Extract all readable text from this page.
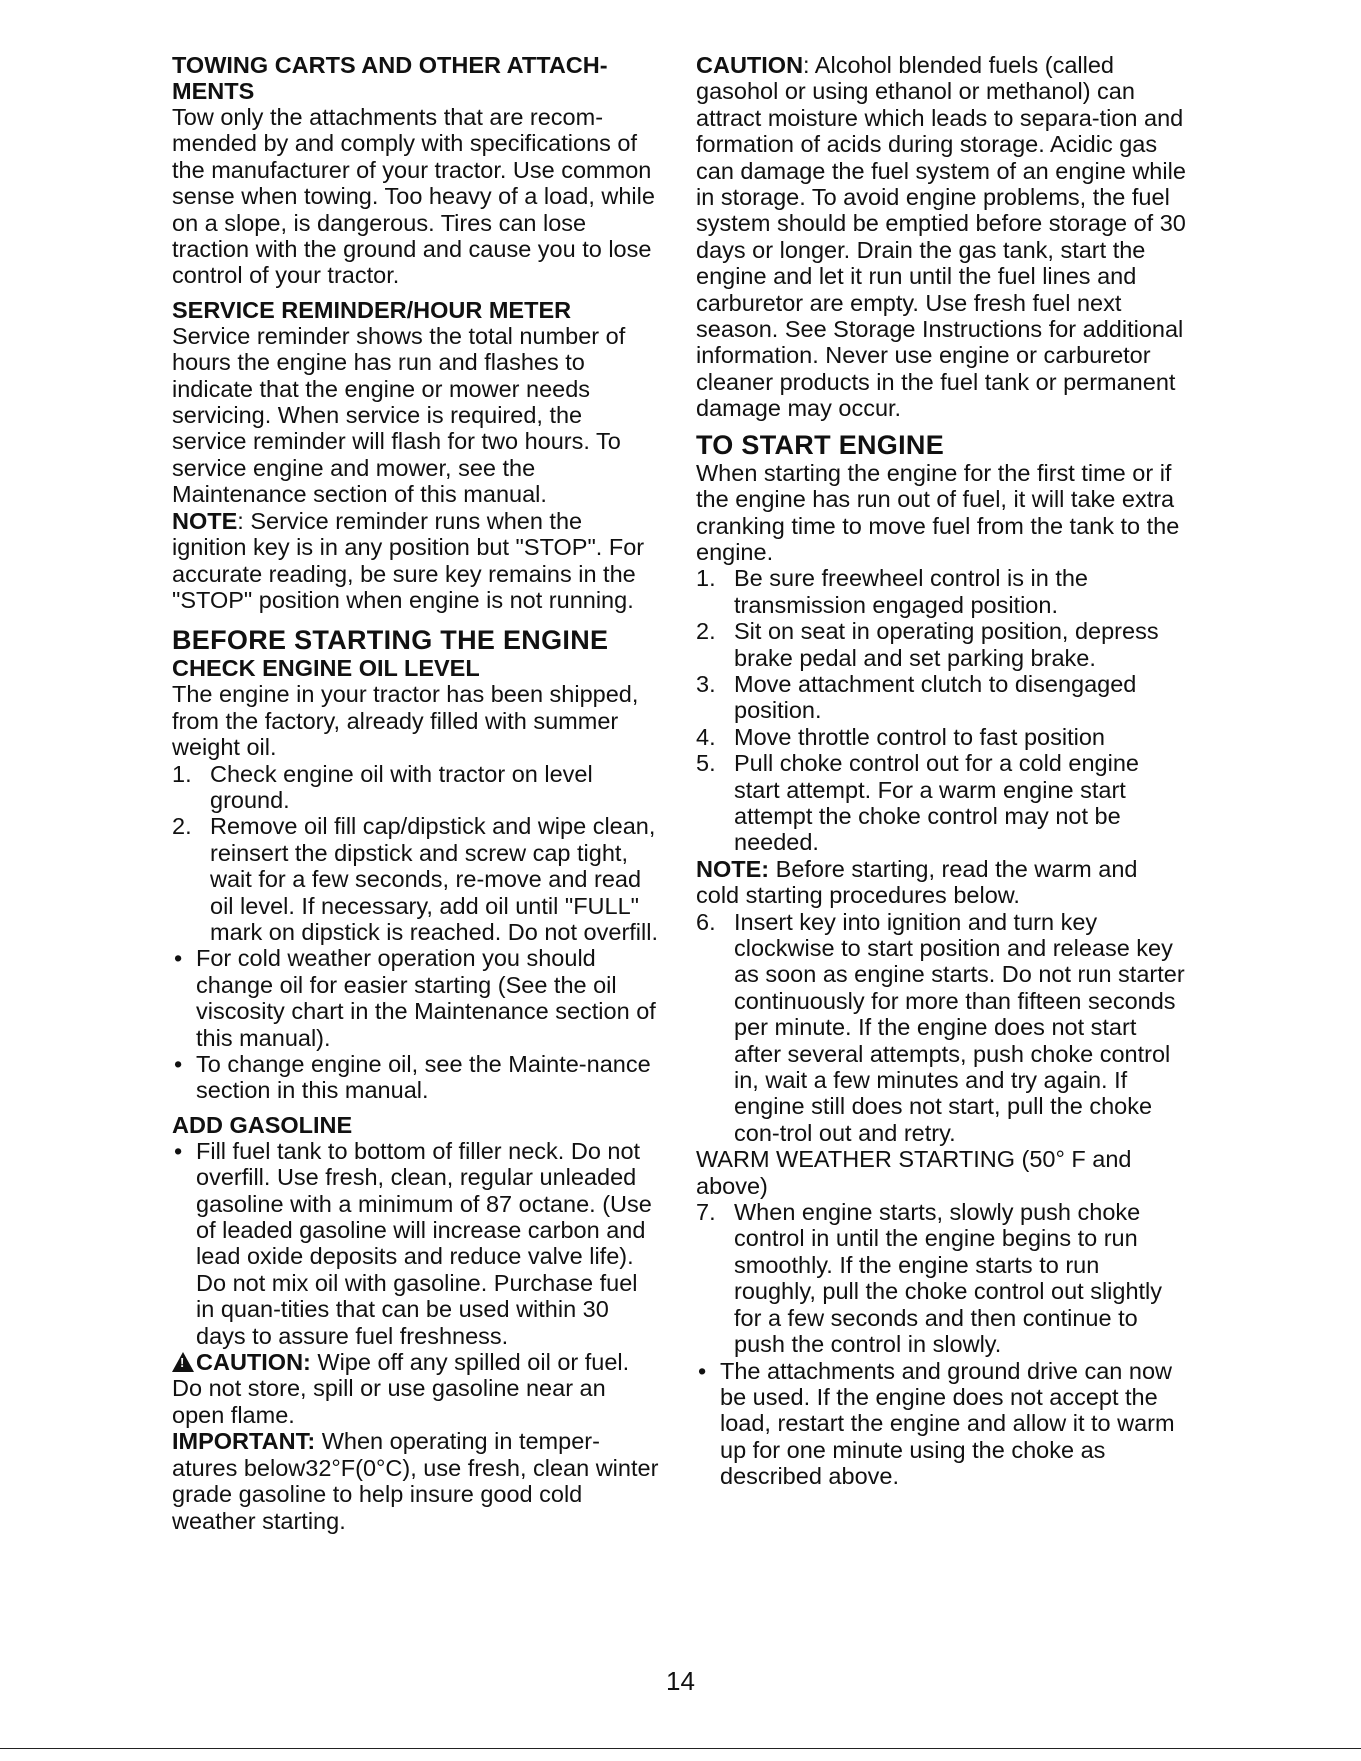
TOWING CARTS AND OTHER ATTACH-
MENTS

Tow only the attachments that are recom-mended by and comply with specifications of the manufacturer of your tractor. Use common sense when towing. Too heavy of a load, while on a slope, is dangerous. Tires can lose traction with the ground and cause you to lose control of your tractor.

SERVICE REMINDER/HOUR METER

Service reminder shows the total number of hours the engine has run and flashes to indicate that the engine or mower needs servicing. When service is required, the service reminder will flash for two hours. To service engine and mower, see the Maintenance section of this manual.

NOTE: Service reminder runs when the ignition key is in any position but "STOP". For accurate reading, be sure key remains in the "STOP" position when engine is not running.

BEFORE STARTING THE ENGINE
CHECK ENGINE OIL LEVEL

The engine in your tractor has been shipped, from the factory, already filled with summer weight oil.

1. Check engine oil with tractor on level ground.
2. Remove oil fill cap/dipstick and wipe clean, reinsert the dipstick and screw cap tight, wait for a few seconds, re-move and read oil level. If necessary, add oil until "FULL" mark on dipstick is reached. Do not overfill.
• For cold weather operation you should change oil for easier starting (See the oil viscosity chart in the Maintenance section of this manual).
• To change engine oil, see the Mainte-nance section in this manual.
ADD GASOLINE
• Fill fuel tank to bottom of filler neck. Do not overfill. Use fresh, clean, regular unleaded gasoline with a minimum of 87 octane. (Use of leaded gasoline will increase carbon and lead oxide deposits and reduce valve life). Do not mix oil with gasoline. Purchase fuel in quan-tities that can be used within 30 days to assure fuel freshness.

!CAUTION: Wipe off any spilled oil or fuel. Do not store, spill or use gasoline near an open flame.

IMPORTANT: When operating in temper-atures below32°F(0°C), use fresh, clean winter grade gasoline to help insure good cold weather starting.

CAUTION: Alcohol blended fuels (called gasohol or using ethanol or methanol) can attract moisture which leads to separa-tion and formation of acids during storage. Acidic gas can damage the fuel system of an engine while in storage. To avoid engine problems, the fuel system should be emptied before storage of 30 days or longer. Drain the gas tank, start the engine and let it run until the fuel lines and carburetor are empty. Use fresh fuel next season. See Storage Instructions for additional information. Never use engine or carburetor cleaner products in the fuel tank or permanent damage may occur.

TO START ENGINE

When starting the engine for the first time or if the engine has run out of fuel, it will take extra cranking time to move fuel from the tank to the engine.

1. Be sure freewheel control is in the transmission engaged position.
2. Sit on seat in operating position, depress brake pedal and set parking brake.
3. Move attachment clutch to disengaged position.
4. Move throttle control to fast position
5. Pull choke control out for a cold engine start attempt. For a warm engine start attempt the choke control may not be needed.

NOTE: Before starting, read the warm and cold starting procedures below.

6. Insert key into ignition and turn key clockwise to start position and release key as soon as engine starts. Do not run starter continuously for more than fifteen seconds per minute. If the engine does not start after several attempts, push choke control in, wait a few minutes and try again. If engine still does not start, pull the choke con-trol out and retry.

WARM WEATHER STARTING (50° F and above)

7. When engine starts, slowly push choke control in until the engine begins to run smoothly. If the engine starts to run roughly, pull the choke control out slightly for a few seconds and then continue to push the control in slowly.
• The attachments and ground drive can now be used. If the engine does not accept the load, restart the engine and allow it to warm up for one minute using the choke as described above.
14
